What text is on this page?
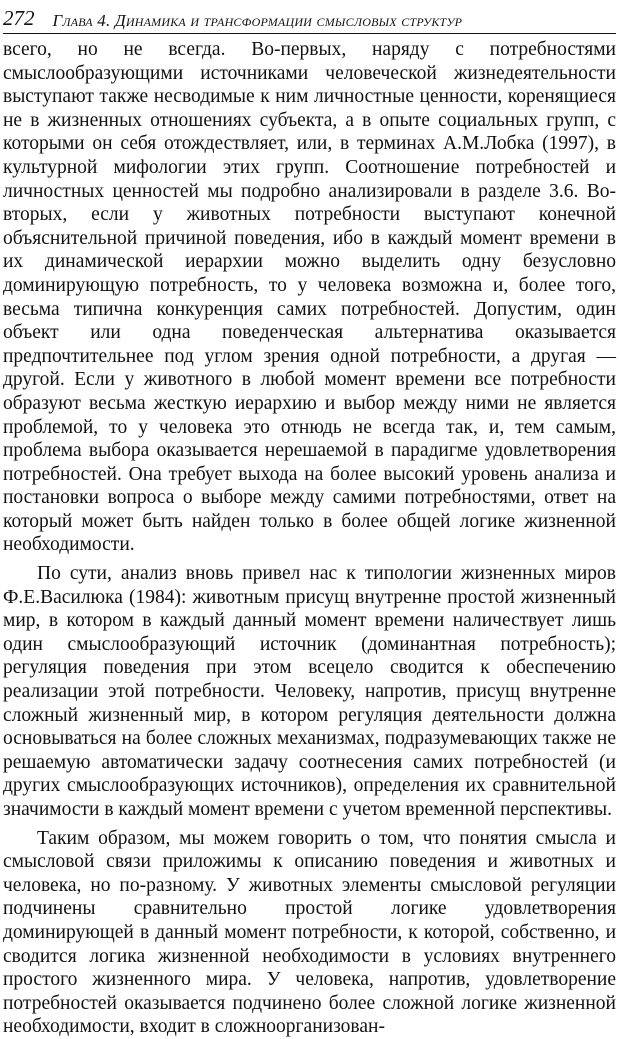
272 Глава 4. Динамика и трансформации смысловых структур

всего, но не всегда. Во-первых, наряду с потребностями смыслообразующими источниками человеческой жизнедеятельности выступают также несводимые к ним личностные ценности, коренящиеся не в жизненных отношениях субъекта, а в опыте социальных групп, с которыми он себя отождествляет, или, в терминах А.М.Лобка (1997), в культурной мифологии этих групп. Соотношение потребностей и личностных ценностей мы подробно анализировали в разделе 3.6. Во-вторых, если у животных потребности выступают конечной объяснительной причиной поведения, ибо в каждый момент времени в их динамической иерархии можно выделить одну безусловно доминирующую потребность, то у человека возможна и, более того, весьма типична конкуренция самих потребностей. Допустим, один объект или одна поведенческая альтернатива оказывается предпочтительнее под углом зрения одной потребности, а другая — другой. Если у животного в любой момент времени все потребности образуют весьма жесткую иерархию и выбор между ними не является проблемой, то у человека это отнюдь не всегда так, и, тем самым, проблема выбора оказывается нерешаемой в парадигме удовлетворения потребностей. Она требует выхода на более высокий уровень анализа и постановки вопроса о выборе между самими потребностями, ответ на который может быть найден только в более общей логике жизненной необходимости.

По сути, анализ вновь привел нас к типологии жизненных миров Ф.Е.Василюка (1984): животным присущ внутренне простой жизненный мир, в котором в каждый данный момент времени наличествует лишь один смыслообразующий источник (доминантная потребность); регуляция поведения при этом всецело сводится к обеспечению реализации этой потребности. Человеку, напротив, присущ внутренне сложный жизненный мир, в котором регуляция деятельности должна основываться на более сложных механизмах, подразумевающих также не решаемую автоматически задачу соотнесения самих потребностей (и других смыслообразующих источников), определения их сравнительной значимости в каждый момент времени с учетом временной перспективы.

Таким образом, мы можем говорить о том, что понятия смысла и смысловой связи приложимы к описанию поведения и животных и человека, но по-разному. У животных элементы смысловой регуляции подчинены сравнительно простой логике удовлетворения доминирующей в данный момент потребности, к которой, собственно, и сводится логика жизненной необходимости в условиях внутреннего простого жизненного мира. У человека, напротив, удовлетворение потребностей оказывается подчинено более сложной логике жизненной необходимости, входит в сложноорганизован-
